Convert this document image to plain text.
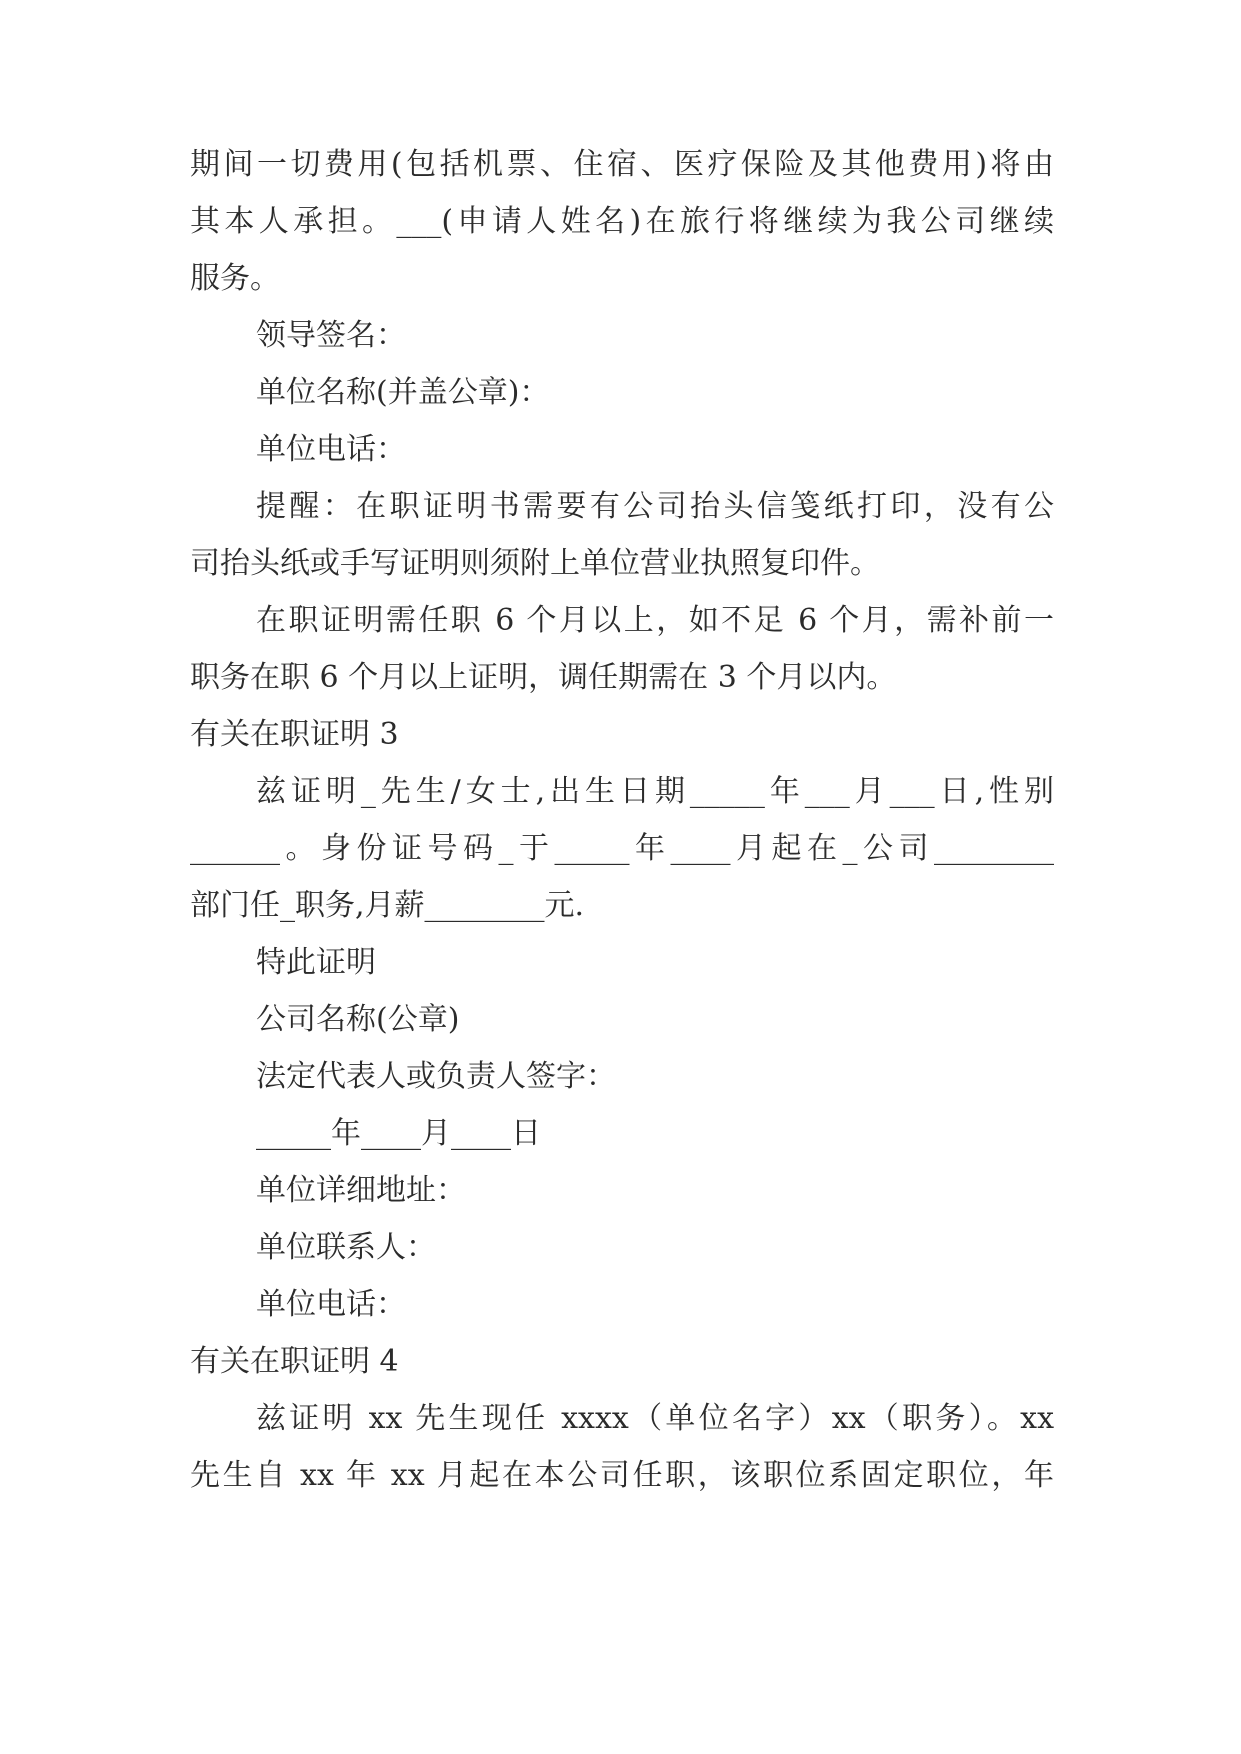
期间一切费用(包括机票、住宿、医疗保险及其他费用)将由
其本人承担。___(申请人姓名)在旅行将继续为我公司继续
服务。
领导签名：
单位名称(并盖公章)：
单位电话：
提醒：在职证明书需要有公司抬头信笺纸打印，没有公
司抬头纸或手写证明则须附上单位营业执照复印件。
在职证明需任职 6 个月以上，如不足 6 个月，需补前一
职务在职 6 个月以上证明，调任期需在 3 个月以内。
有关在职证明 3
兹证明_先生/女士,出生日期_____年___月___日,性别
______。身份证号码_于_____年____月起在_公司________
部门任_职务,月薪________元.
特此证明
公司名称(公章)
法定代表人或负责人签字：
_____年____月____日
单位详细地址：
单位联系人：
单位电话：
有关在职证明 4
兹证明 xx 先生现任 xxxx（单位名字）xx（职务）。xx
先生自 xx 年 xx 月起在本公司任职，该职位系固定职位，年
